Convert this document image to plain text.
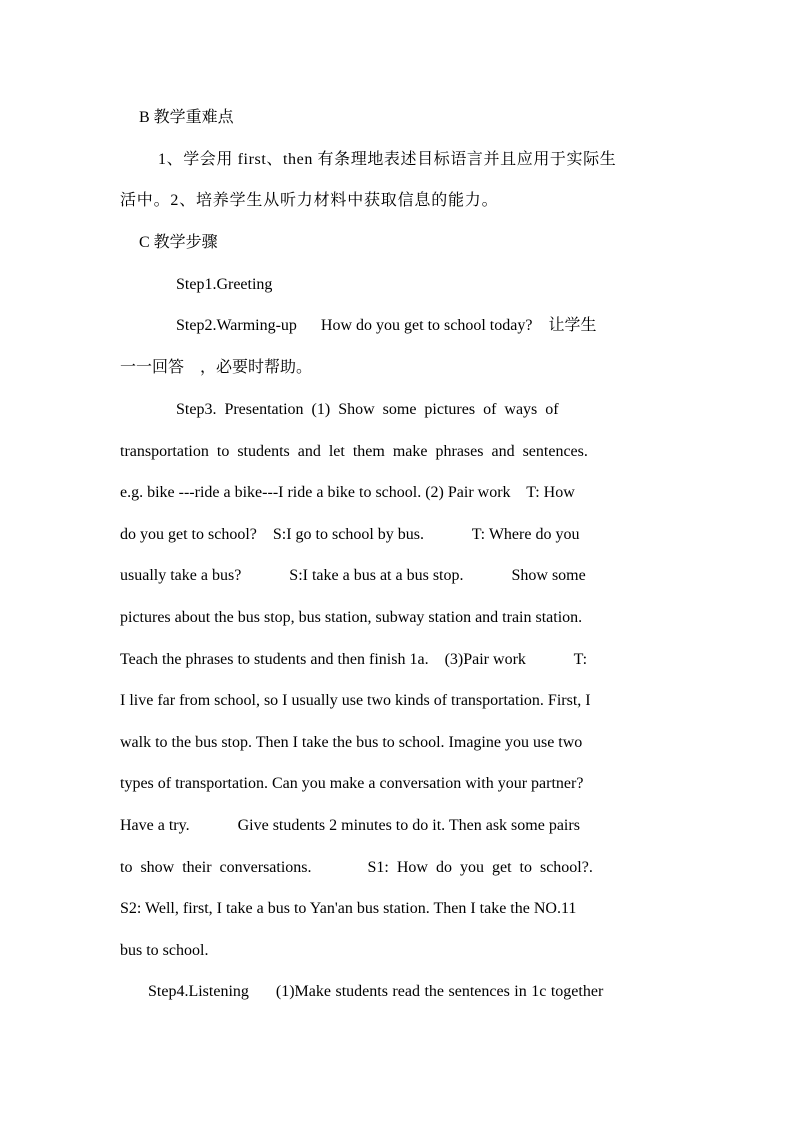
B 教学重难点
1、学会用 first、then 有条理地表述目标语言并且应用于实际生
活中。2、培养学生从听力材料中获取信息的能力。
C 教学步骤
Step1.Greeting
Step2.Warming-up      How do you get to school today?    让学生
一一回答    ，必要时帮助。
Step3.  Presentation  (1)  Show  some  pictures  of  ways  of
transportation  to  students  and  let  them  make  phrases  and  sentences.
e.g. bike ---ride a bike---I ride a bike to school. (2) Pair work    T: How
do you get to school?    S:I go to school by bus.            T: Where do you
usually take a bus?            S:I take a bus at a bus stop.            Show some
pictures about the bus stop, bus station, subway station and train station.
Teach the phrases to students and then finish 1a.    (3)Pair work            T:
I live far from school, so I usually use two kinds of transportation. First, I
walk to the bus stop. Then I take the bus to school. Imagine you use two
types of transportation. Can you make a conversation with your partner?
Have a try.            Give students 2 minutes to do it. Then ask some pairs
to  show  their  conversations.              S1:  How  do  you  get  to  school?.
S2: Well, first, I take a bus to Yan'an bus station. Then I take the NO.11
bus to school.
Step4.Listening      (1)Make students read the sentences in 1c together
